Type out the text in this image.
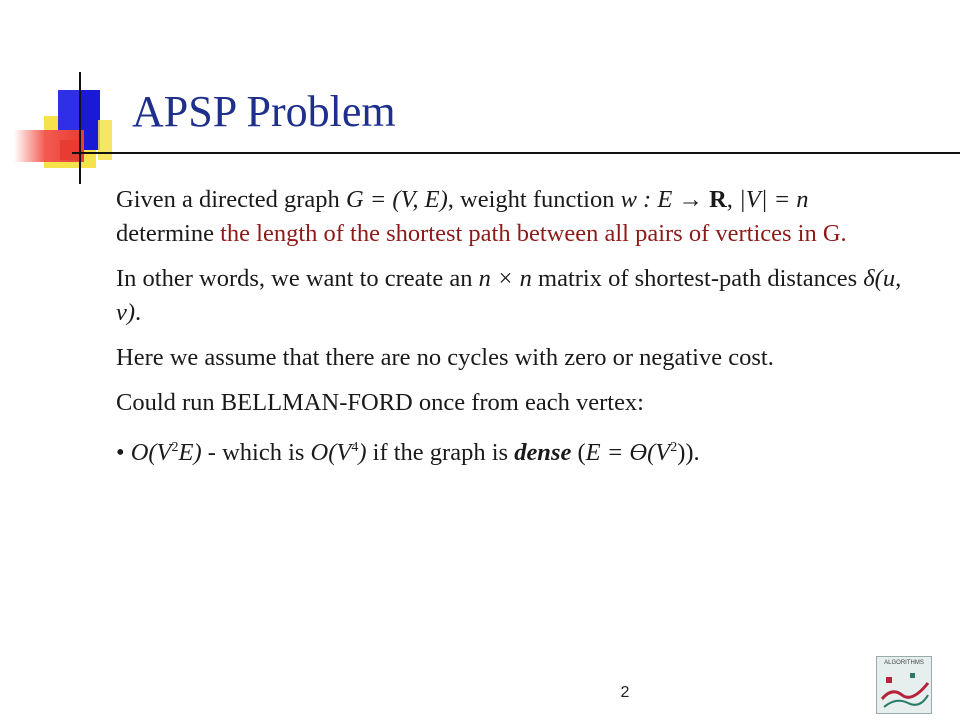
APSP Problem

Given a directed graph G = (V, E), weight function w : E → R, |V| = n determine the length of the shortest path between all pairs of vertices in G.

In other words, we want to create an n × n matrix of shortest-path distances δ(u, v).

Here we assume that there are no cycles with zero or negative cost.

Could run BELLMAN-FORD once from each vertex:

• $O(V^2E)$ - which is $O(V^4)$ if the graph is dense $(E = ϴ(V^2))$.

2
ALGORITHMS
